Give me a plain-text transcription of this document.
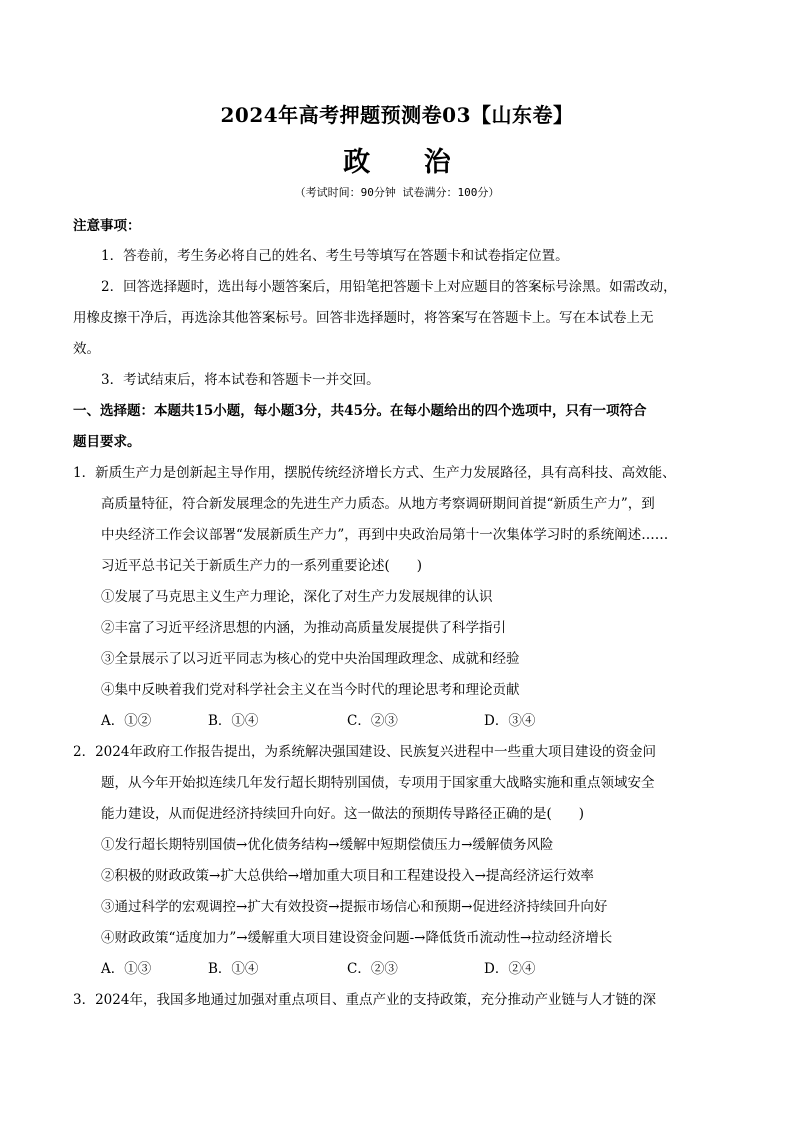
2024年高考押题预测卷03【山东卷】
政 治
（考试时间：90分钟 试卷满分：100分）
注意事项：
1．答卷前，考生务必将自己的姓名、考生号等填写在答题卡和试卷指定位置。
2．回答选择题时，选出每小题答案后，用铅笔把答题卡上对应题目的答案标号涂黑。如需改动，
用橡皮擦干净后，再选涂其他答案标号。回答非选择题时，将答案写在答题卡上。写在本试卷上无
效。
3．考试结束后，将本试卷和答题卡一并交回。
一、选择题：本题共15小题，每小题3分，共45分。在每小题给出的四个选项中，只有一项符合
题目要求。
1．新质生产力是创新起主导作用，摆脱传统经济增长方式、生产力发展路径，具有高科技、高效能、
高质量特征，符合新发展理念的先进生产力质态。从地方考察调研期间首提“新质生产力”，到
中央经济工作会议部署“发展新质生产力”，再到中央政治局第十一次集体学习时的系统阐述……
习近平总书记关于新质生产力的一系列重要论述(　　)
①发展了马克思主义生产力理论，深化了对生产力发展规律的认识
②丰富了习近平经济思想的内涵，为推动高质量发展提供了科学指引
③全景展示了以习近平同志为核心的党中央治国理政理念、成就和经验
④集中反映着我们党对科学社会主义在当今时代的理论思考和理论贡献
A．①②	B．①④	C．②③	D．③④
2．2024年政府工作报告提出，为系统解决强国建设、民族复兴进程中一些重大项目建设的资金问
题，从今年开始拟连续几年发行超长期特别国债，专项用于国家重大战略实施和重点领域安全
能力建设，从而促进经济持续回升向好。这一做法的预期传导路径正确的是(　　)
①发行超长期特别国债→优化债务结构→缓解中短期偿债压力→缓解债务风险
②积极的财政政策→扩大总供给→增加重大项目和工程建设投入→提高经济运行效率
③通过科学的宏观调控→扩大有效投资→提振市场信心和预期→促进经济持续回升向好
④财政政策“适度加力”→缓解重大项目建设资金问题-→降低货币流动性→拉动经济增长
A．①③	B．①④	C．②③	D．②④
3．2024年，我国多地通过加强对重点项目、重点产业的支持政策，充分推动产业链与人才链的深
